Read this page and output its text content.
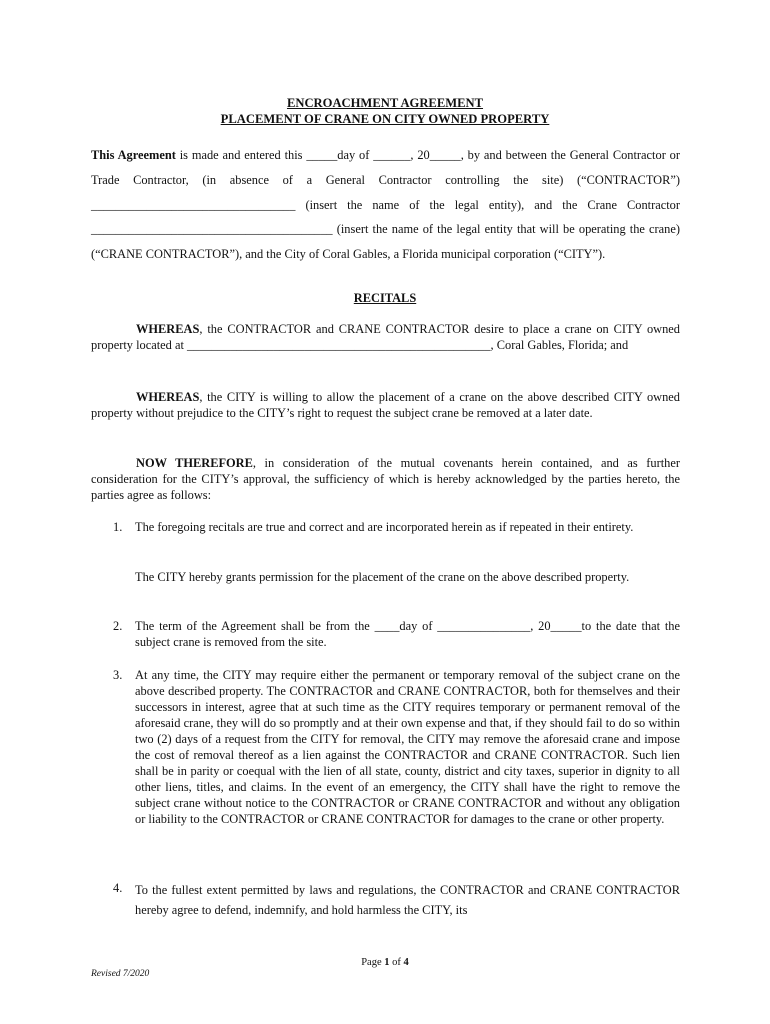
ENCROACHMENT AGREEMENT
PLACEMENT OF CRANE ON CITY OWNED PROPERTY
This Agreement is made and entered this _____day of ______, 20_____, by and between the General Contractor or Trade Contractor, (in absence of a General Contractor controlling the site) (“CONTRACTOR”) _________________________________ (insert the name of the legal entity), and the Crane Contractor _______________________________________ (insert the name of the legal entity that will be operating the crane) (“CRANE CONTRACTOR”), and the City of Coral Gables, a Florida municipal corporation (“CITY”).
RECITALS
WHEREAS, the CONTRACTOR and CRANE CONTRACTOR desire to place a crane on CITY owned property located at _________________________________________________, Coral Gables, Florida; and
WHEREAS, the CITY is willing to allow the placement of a crane on the above described CITY owned property without prejudice to the CITY’s right to request the subject crane be removed at a later date.
NOW THEREFORE, in consideration of the mutual covenants herein contained, and as further consideration for the CITY’s approval, the sufficiency of which is hereby acknowledged by the parties hereto, the parties agree as follows:
1. The foregoing recitals are true and correct and are incorporated herein as if repeated in their entirety.
The CITY hereby grants permission for the placement of the crane on the above described property.
2. The term of the Agreement shall be from the ____day of _______________, 20_____to the date that the subject crane is removed from the site.
3. At any time, the CITY may require either the permanent or temporary removal of the subject crane on the above described property. The CONTRACTOR and CRANE CONTRACTOR, both for themselves and their successors in interest, agree that at such time as the CITY requires temporary or permanent removal of the aforesaid crane, they will do so promptly and at their own expense and that, if they should fail to do so within two (2) days of a request from the CITY for removal, the CITY may remove the aforesaid crane and impose the cost of removal thereof as a lien against the CONTRACTOR and CRANE CONTRACTOR. Such lien shall be in parity or coequal with the lien of all state, county, district and city taxes, superior in dignity to all other liens, titles, and claims. In the event of an emergency, the CITY shall have the right to remove the subject crane without notice to the CONTRACTOR or CRANE CONTRACTOR and without any obligation or liability to the CONTRACTOR or CRANE CONTRACTOR for damages to the crane or other property.
4. To the fullest extent permitted by laws and regulations, the CONTRACTOR and CRANE CONTRACTOR hereby agree to defend, indemnify, and hold harmless the CITY, its
Page 1 of 4
Revised 7/2020
